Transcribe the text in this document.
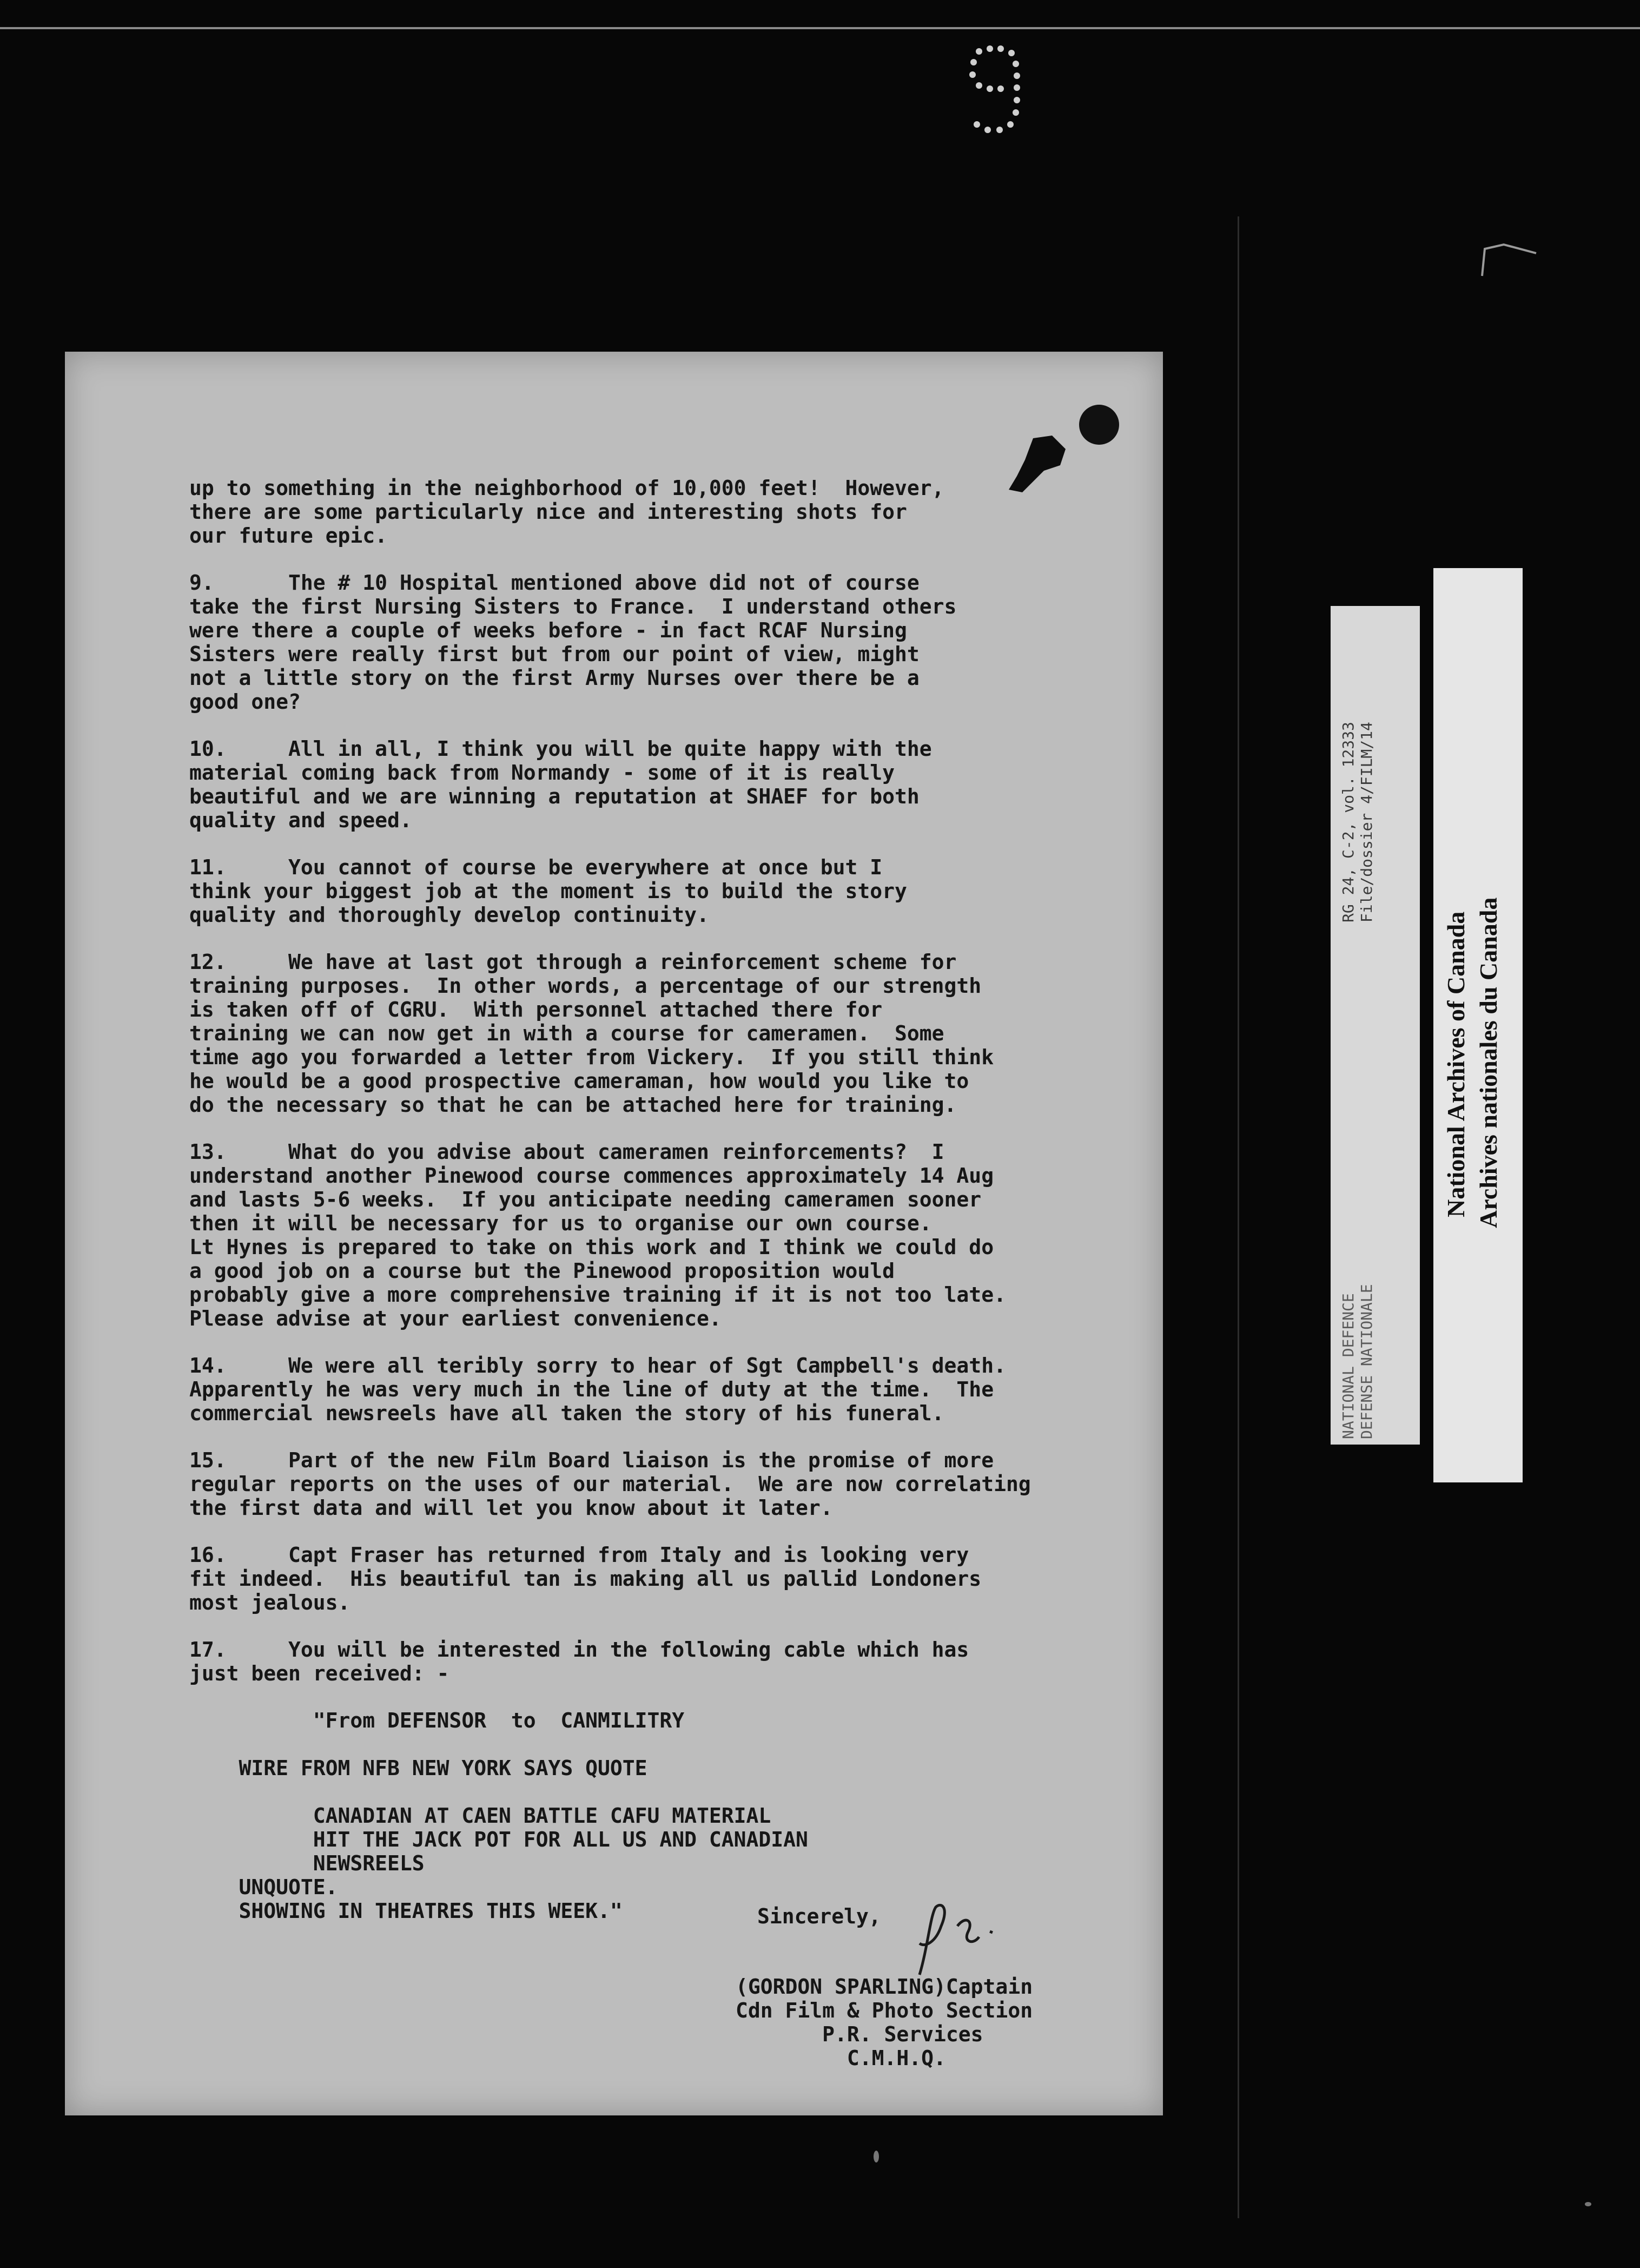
up to something in the neighborhood of 10,000 feet!  However,
there are some particularly nice and interesting shots for
our future epic.

9.      The # 10 Hospital mentioned above did not of course
take the first Nursing Sisters to France.  I understand others
were there a couple of weeks before - in fact RCAF Nursing
Sisters were really first but from our point of view, might
not a little story on the first Army Nurses over there be a
good one?

10.     All in all, I think you will be quite happy with the
material coming back from Normandy - some of it is really
beautiful and we are winning a reputation at SHAEF for both
quality and speed.

11.     You cannot of course be everywhere at once but I
think your biggest job at the moment is to build the story
quality and thoroughly develop continuity.

12.     We have at last got through a reinforcement scheme for
training purposes.  In other words, a percentage of our strength
is taken off of CGRU.  With personnel attached there for
training we can now get in with a course for cameramen.  Some
time ago you forwarded a letter from Vickery.  If you still think
he would be a good prospective cameraman, how would you like to
do the necessary so that he can be attached here for training.

13.     What do you advise about cameramen reinforcements?  I
understand another Pinewood course commences approximately 14 Aug
and lasts 5-6 weeks.  If you anticipate needing cameramen sooner
then it will be necessary for us to organise our own course.
Lt Hynes is prepared to take on this work and I think we could do
a good job on a course but the Pinewood proposition would
probably give a more comprehensive training if it is not too late.
Please advise at your earliest convenience.

14.     We were all teribly sorry to hear of Sgt Campbell's death.
Apparently he was very much in the line of duty at the time.  The
commercial newsreels have all taken the story of his funeral.

15.     Part of the new Film Board liaison is the promise of more
regular reports on the uses of our material.  We are now correlating
the first data and will let you know about it later.

16.     Capt Fraser has returned from Italy and is looking very
fit indeed.  His beautiful tan is making all us pallid Londoners
most jealous.

17.     You will be interested in the following cable which has
just been received: -

"From DEFENSOR  to  CANMILITRY

WIRE FROM NFB NEW YORK SAYS QUOTE

CANADIAN AT CAEN BATTLE CAFU MATERIAL
HIT THE JACK POT FOR ALL US AND CANADIAN
NEWSREELS
UNQUOTE.
SHOWING IN THEATRES THIS WEEK."	Sincerely,
(GORDON SPARLING)Captain
Cdn Film & Photo Section
P.R. Services
C.M.H.Q.
RG 24, C-2, vol. 12333 File/dossier 4/FILM/14
NATIONAL DEFENCE DEFENSE NATIONALE
National Archives of Canada Archives nationales du Canada
